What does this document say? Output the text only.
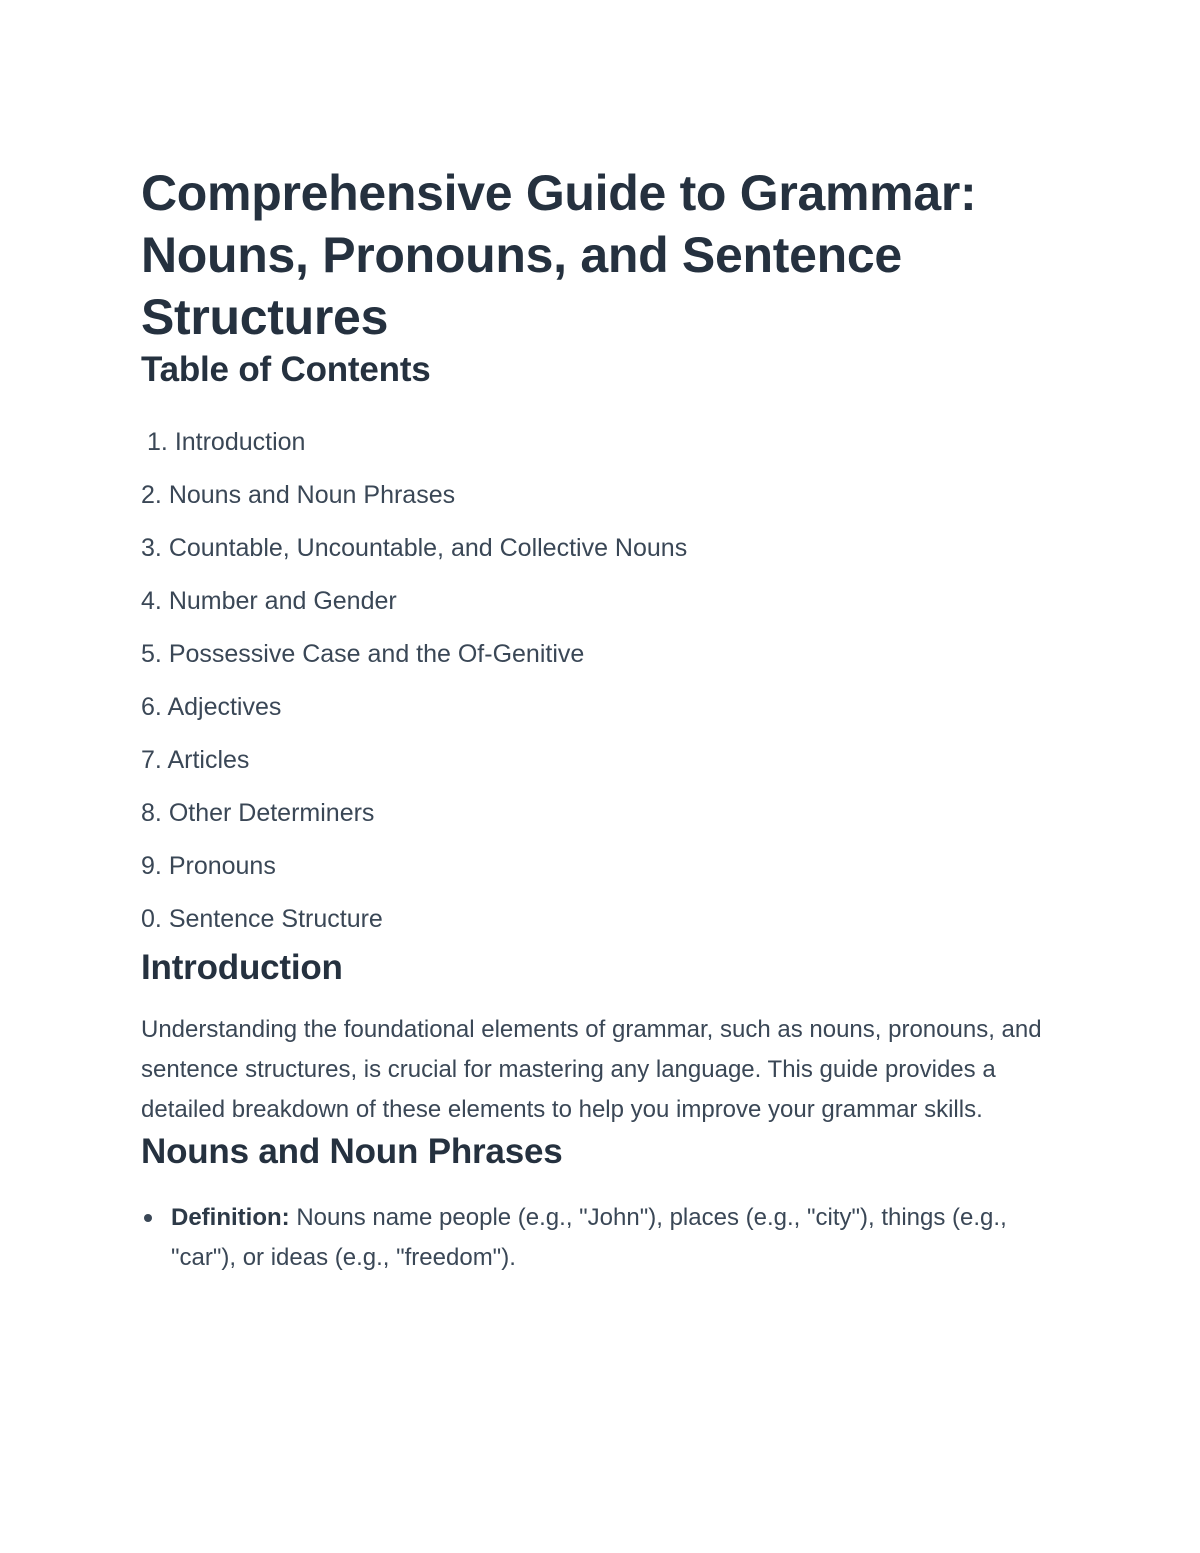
Comprehensive Guide to Grammar: Nouns, Pronouns, and Sentence Structures
Table of Contents
1. Introduction
2. Nouns and Noun Phrases
3. Countable, Uncountable, and Collective Nouns
4. Number and Gender
5. Possessive Case and the Of-Genitive
6. Adjectives
7. Articles
8. Other Determiners
9. Pronouns
0. Sentence Structure
Introduction

Understanding the foundational elements of grammar, such as nouns, pronouns, and sentence structures, is crucial for mastering any language. This guide provides a detailed breakdown of these elements to help you improve your grammar skills.

Nouns and Noun Phrases
Definition: Nouns name people (e.g., "John"), places (e.g., "city"), things (e.g., "car"), or ideas (e.g., "freedom").
